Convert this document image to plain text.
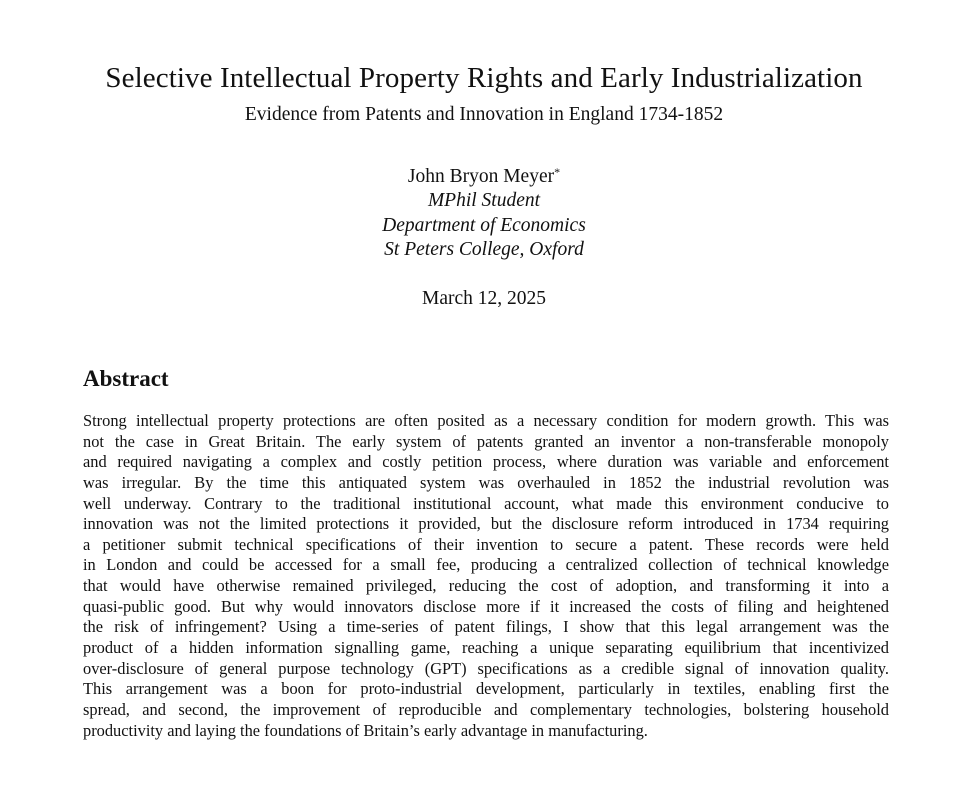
Selective Intellectual Property Rights and Early Industrialization
Evidence from Patents and Innovation in England 1734-1852
John Bryon Meyer*
MPhil Student
Department of Economics
St Peters College, Oxford
March 12, 2025
Abstract
Strong intellectual property protections are often posited as a necessary condition for modern growth. This was
not the case in Great Britain. The early system of patents granted an inventor a non-transferable monopoly
and required navigating a complex and costly petition process, where duration was variable and enforcement
was irregular. By the time this antiquated system was overhauled in 1852 the industrial revolution was
well underway. Contrary to the traditional institutional account, what made this environment conducive to
innovation was not the limited protections it provided, but the disclosure reform introduced in 1734 requiring
a petitioner submit technical specifications of their invention to secure a patent. These records were held
in London and could be accessed for a small fee, producing a centralized collection of technical knowledge
that would have otherwise remained privileged, reducing the cost of adoption, and transforming it into a
quasi-public good. But why would innovators disclose more if it increased the costs of filing and heightened
the risk of infringement? Using a time-series of patent filings, I show that this legal arrangement was the
product of a hidden information signalling game, reaching a unique separating equilibrium that incentivized
over-disclosure of general purpose technology (GPT) specifications as a credible signal of innovation quality.
This arrangement was a boon for proto-industrial development, particularly in textiles, enabling first the
spread, and second, the improvement of reproducible and complementary technologies, bolstering household
productivity and laying the foundations of Britain’s early advantage in manufacturing.
